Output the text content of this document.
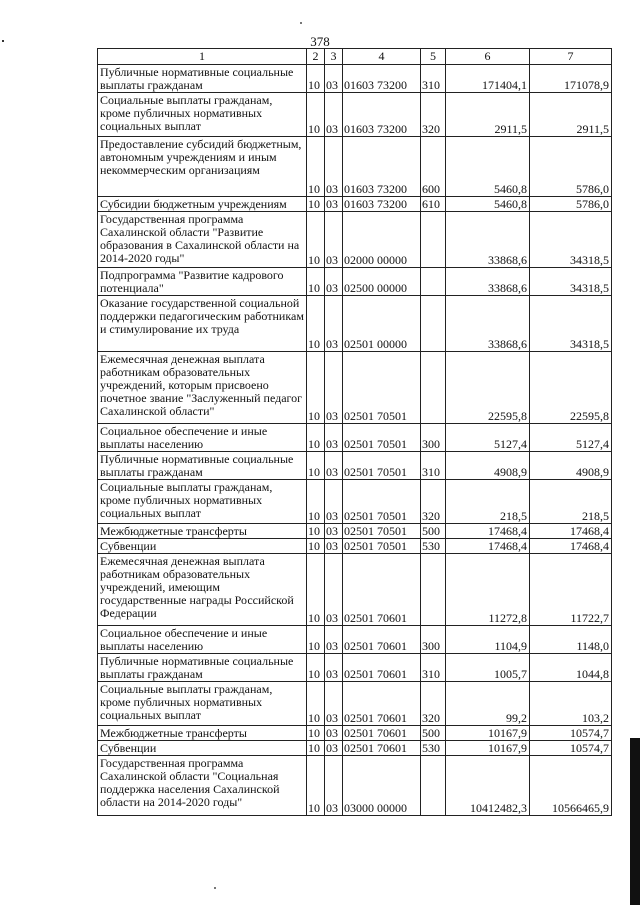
378
1	2	3	4	5	6	7
Публичные нормативные социальные выплаты гражданам	10	03	01603 73200	310	171404,1	171078,9
Социальные выплаты гражданам, кроме публичных нормативных социальных выплат	10	03	01603 73200	320	2911,5	2911,5
Предоставление субсидий бюджетным, автономным учреждениям и иным некоммерческим организациям	10	03	01603 73200	600	5460,8	5786,0
Субсидии бюджетным учреждениям	10	03	01603 73200	610	5460,8	5786,0
Государственная программа Сахалинской области "Развитие образования в Сахалинской области на 2014-2020 годы"	10	03	02000 00000		33868,6	34318,5
Подпрограмма "Развитие кадрового потенциала"	10	03	02500 00000		33868,6	34318,5
Оказание государственной социальной поддержки педагогическим работникам и стимулирование их труда	10	03	02501 00000		33868,6	34318,5
Ежемесячная денежная выплата работникам образовательных учреждений, которым присвоено почетное звание "Заслуженный педагог Сахалинской области"	10	03	02501 70501		22595,8	22595,8
Социальное обеспечение и иные выплаты населению	10	03	02501 70501	300	5127,4	5127,4
Публичные нормативные социальные выплаты гражданам	10	03	02501 70501	310	4908,9	4908,9
Социальные выплаты гражданам, кроме публичных нормативных социальных выплат	10	03	02501 70501	320	218,5	218,5
Межбюджетные трансферты	10	03	02501 70501	500	17468,4	17468,4
Субвенции	10	03	02501 70501	530	17468,4	17468,4
Ежемесячная денежная выплата работникам образовательных учреждений, имеющим государственные награды Российской Федерации	10	03	02501 70601		11272,8	11722,7
Социальное обеспечение и иные выплаты населению	10	03	02501 70601	300	1104,9	1148,0
Публичные нормативные социальные выплаты гражданам	10	03	02501 70601	310	1005,7	1044,8
Социальные выплаты гражданам, кроме публичных нормативных социальных выплат	10	03	02501 70601	320	99,2	103,2
Межбюджетные трансферты	10	03	02501 70601	500	10167,9	10574,7
Субвенции	10	03	02501 70601	530	10167,9	10574,7
Государственная программа Сахалинской области "Социальная поддержка населения Сахалинской области на 2014-2020 годы"	10	03	03000 00000		10412482,3	10566465,9
